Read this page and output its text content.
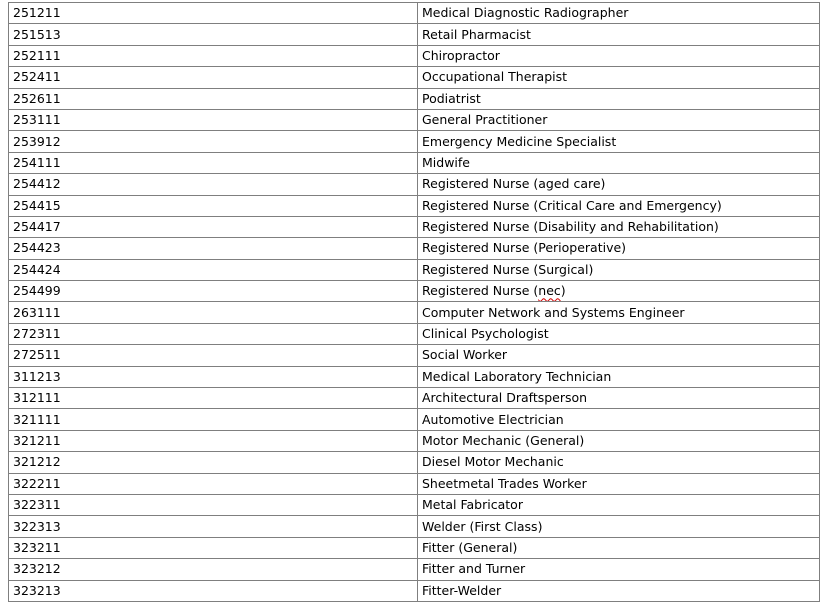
251211	Medical Diagnostic Radiographer
251513	Retail Pharmacist
252111	Chiropractor
252411	Occupational Therapist
252611	Podiatrist
253111	General Practitioner
253912	Emergency Medicine Specialist
254111	Midwife
254412	Registered Nurse (aged care)
254415	Registered Nurse (Critical Care and Emergency)
254417	Registered Nurse (Disability and Rehabilitation)
254423	Registered Nurse (Perioperative)
254424	Registered Nurse (Surgical)
254499	Registered Nurse (nec)
263111	Computer Network and Systems Engineer
272311	Clinical Psychologist
272511	Social Worker
311213	Medical Laboratory Technician
312111	Architectural Draftsperson
321111	Automotive Electrician
321211	Motor Mechanic (General)
321212	Diesel Motor Mechanic
322211	Sheetmetal Trades Worker
322311	Metal Fabricator
322313	Welder (First Class)
323211	Fitter (General)
323212	Fitter and Turner
323213	Fitter-Welder
